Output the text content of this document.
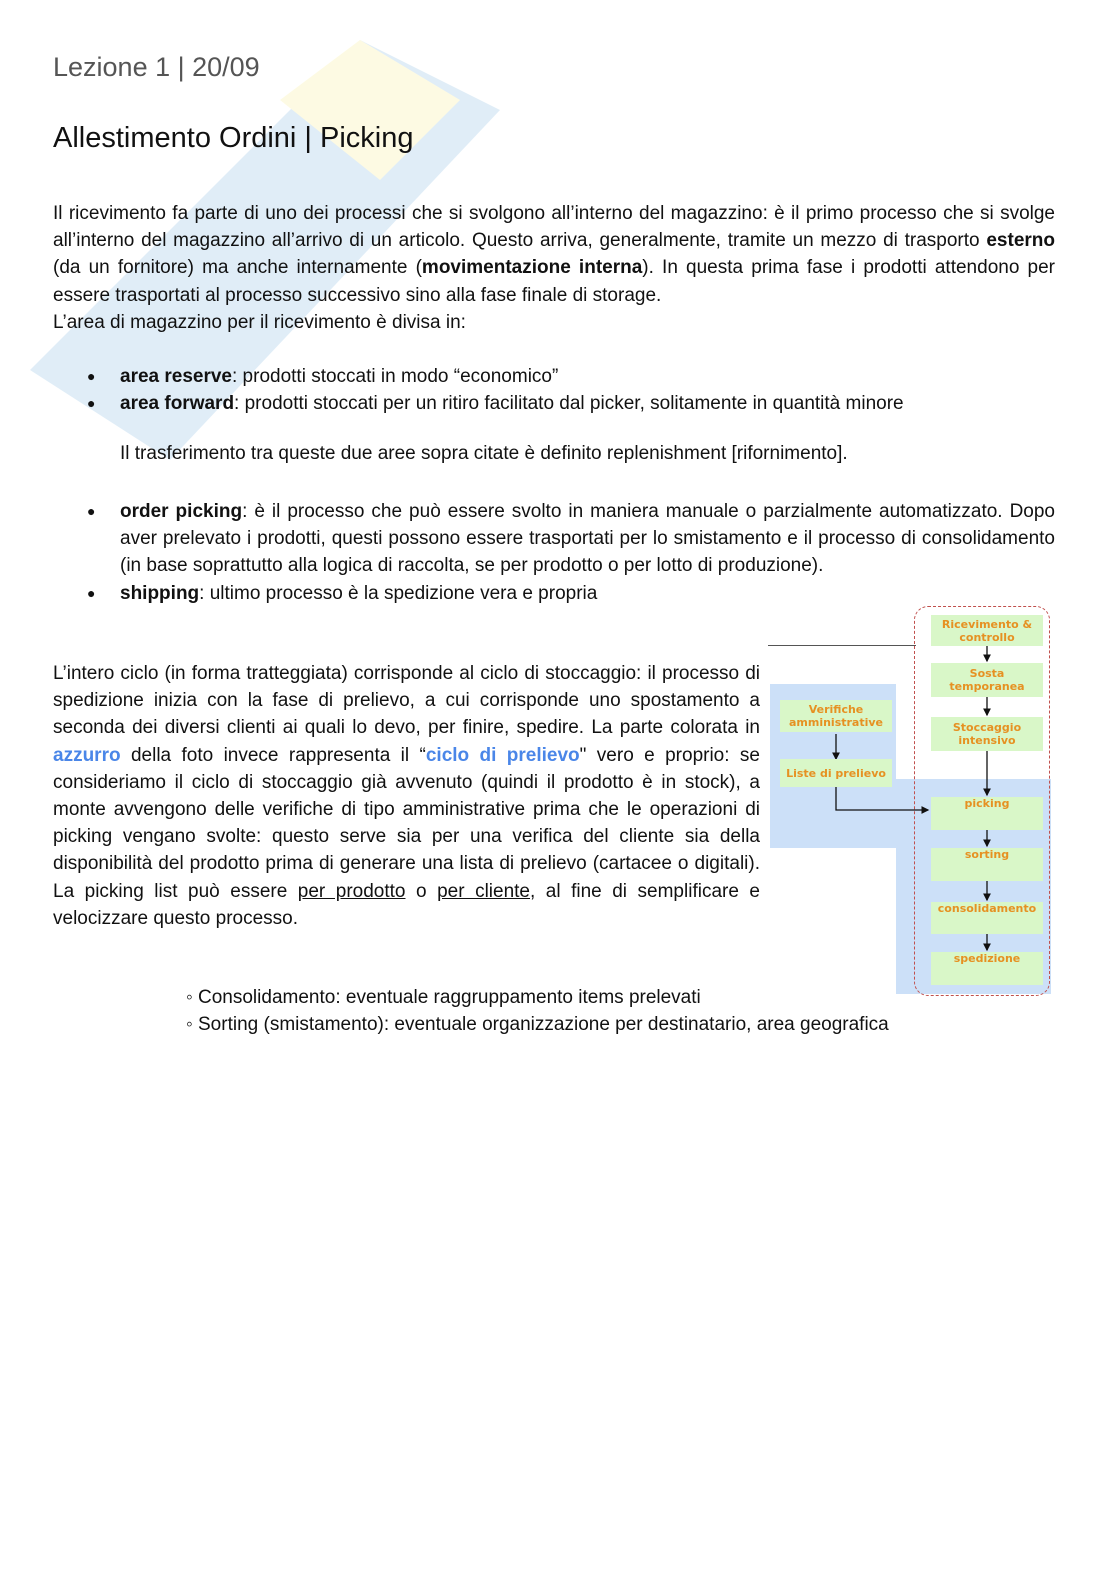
Lezione 1 | 20/09
Allestimento Ordini | Picking
Il ricevimento fa parte di uno dei processi che si svolgono all’interno del magazzino: è il primo processo che si svolge all’interno del magazzino all’arrivo di un articolo. Questo arriva, generalmente, tramite un mezzo di trasporto esterno (da un fornitore) ma anche internamente (movimentazione interna). In questa prima fase i prodotti attendono per essere trasportati al processo successivo sino alla fase finale di storage.
L’area di magazzino per il ricevimento è divisa in:
● area reserve: prodotti stoccati in modo “economico”
● area forward: prodotti stoccati per un ritiro facilitato dal picker, solitamente in quantità minore
Il trasferimento tra queste due aree sopra citate è definito replenishment [rifornimento].
● order picking: è il processo che può essere svolto in maniera manuale o parzialmente automatizzato. Dopo aver prelevato i prodotti, questi possono essere trasportati per lo smistamento e il processo di consolidamento (in base soprattutto alla logica di raccolta, se per prodotto o per lotto di produzione).
● shipping: ultimo processo è la spedizione vera e propria
L’intero ciclo (in forma tratteggiata) corrisponde al ciclo di stoccaggio: il processo di spedizione inizia con la fase di prelievo, a cui corrisponde uno spostamento a seconda dei diversi clienti ai quali lo devo, per finire, spedire. La parte colorata in azzurro della foto invece rappresenta il “ciclo di prelievo" vero e proprio: se consideriamo il ciclo di stoccaggio già avvenuto (quindi il prodotto è in stock), a monte avvengono delle verifiche di tipo amministrative prima che le operazioni di picking vengano svolte: questo serve sia per una verifica del cliente sia della disponibilità del prodotto prima di generare una lista di prelievo (cartacee o digitali). La picking list può essere per prodotto o per cliente, al fine di semplificare e velocizzare questo processo.
◦ Consolidamento: eventuale raggruppamento items prelevati
◦ Sorting (smistamento): eventuale organizzazione per destinatario, area geografica
Verifiche amministrative
Liste di prelievo
Ricevimento & controllo
Sosta temporanea
Stoccaggio intensivo
picking
sorting
consolidamento
spedizione
